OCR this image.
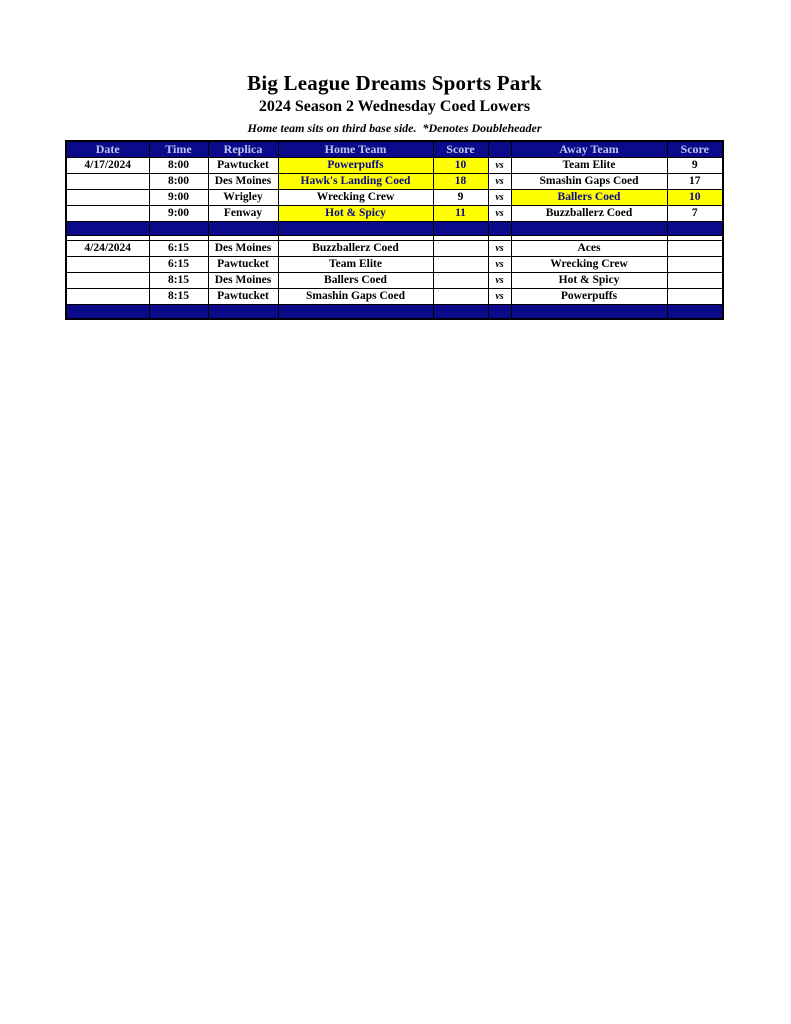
Big League Dreams Sports Park
2024 Season 2 Wednesday Coed Lowers
Home team sits on third base side.  *Denotes Doubleheader
Date	Time	Replica	Home Team	Score		Away Team	Score
4/17/2024	8:00	Pawtucket	Powerpuffs	10	vs	Team Elite	9
	8:00	Des Moines	Hawk's Landing Coed	18	vs	Smashin Gaps Coed	17
	9:00	Wrigley	Wrecking Crew	9	vs	Ballers Coed	10
	9:00	Fenway	Hot & Spicy	11	vs	Buzzballerz Coed	7

4/24/2024	6:15	Des Moines	Buzzballerz Coed		vs	Aces	
	6:15	Pawtucket	Team Elite		vs	Wrecking Crew	
	8:15	Des Moines	Ballers Coed		vs	Hot & Spicy	
	8:15	Pawtucket	Smashin Gaps Coed		vs	Powerpuffs	
